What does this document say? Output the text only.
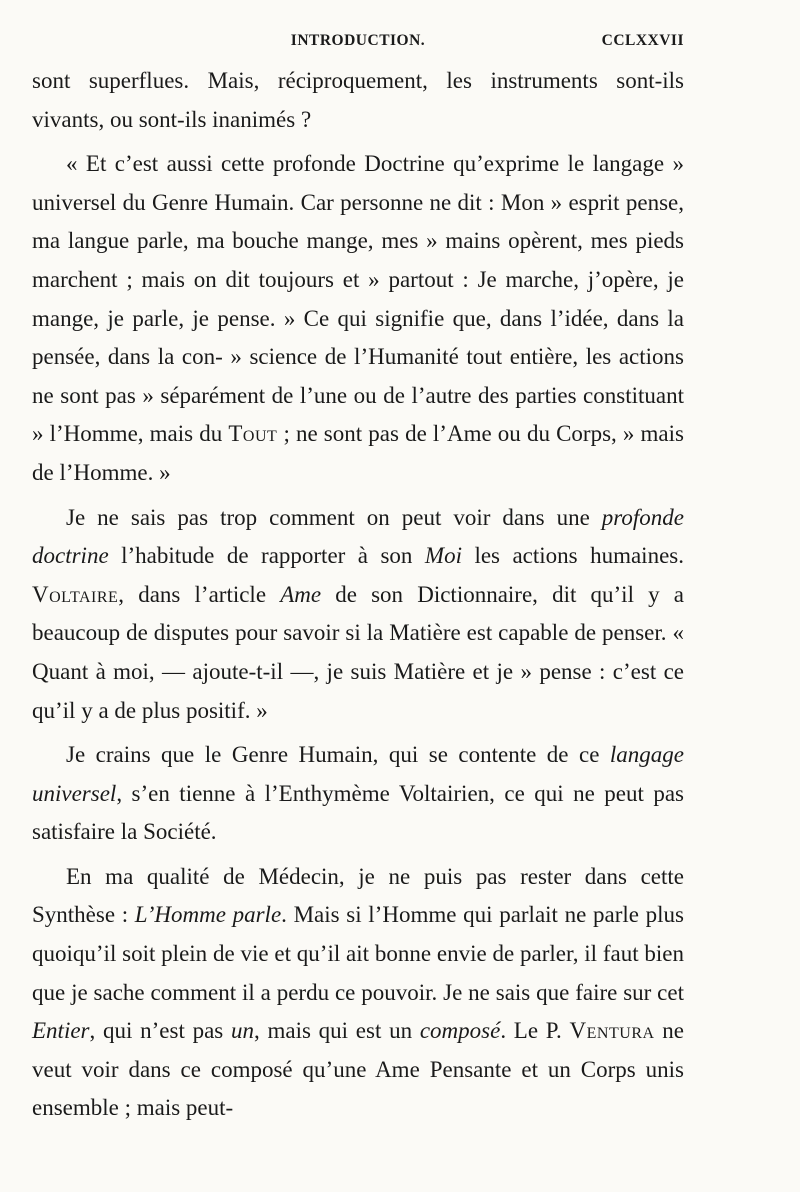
INTRODUCTION.	CCLXXVII

sont superflues. Mais, réciproquement, les instruments sont-ils vivants, ou sont-ils inanimés ?

« Et c’est aussi cette profonde Doctrine qu’exprime le langage » universel du Genre Humain. Car personne ne dit : Mon » esprit pense, ma langue parle, ma bouche mange, mes » mains opèrent, mes pieds marchent ; mais on dit toujours et » partout : Je marche, j’opère, je mange, je parle, je pense. » Ce qui signifie que, dans l’idée, dans la pensée, dans la con- » science de l’Humanité tout entière, les actions ne sont pas » séparément de l’une ou de l’autre des parties constituant » l’Homme, mais du Tout ; ne sont pas de l’Ame ou du Corps, » mais de l’Homme. »

Je ne sais pas trop comment on peut voir dans une profonde doctrine l’habitude de rapporter à son Moi les actions humaines. Voltaire, dans l’article Ame de son Dictionnaire, dit qu’il y a beaucoup de disputes pour savoir si la Matière est capable de penser. « Quant à moi, — ajoute-t-il —, je suis Matière et je » pense : c’est ce qu’il y a de plus positif. »

Je crains que le Genre Humain, qui se contente de ce langage universel, s’en tienne à l’Enthymème Voltairien, ce qui ne peut pas satisfaire la Société.

En ma qualité de Médecin, je ne puis pas rester dans cette Synthèse : L’Homme parle. Mais si l’Homme qui parlait ne parle plus quoiqu’il soit plein de vie et qu’il ait bonne envie de parler, il faut bien que je sache comment il a perdu ce pouvoir. Je ne sais que faire sur cet Entier, qui n’est pas un, mais qui est un composé. Le P. Ventura ne veut voir dans ce composé qu’une Ame Pensante et un Corps unis ensemble ; mais peut-
